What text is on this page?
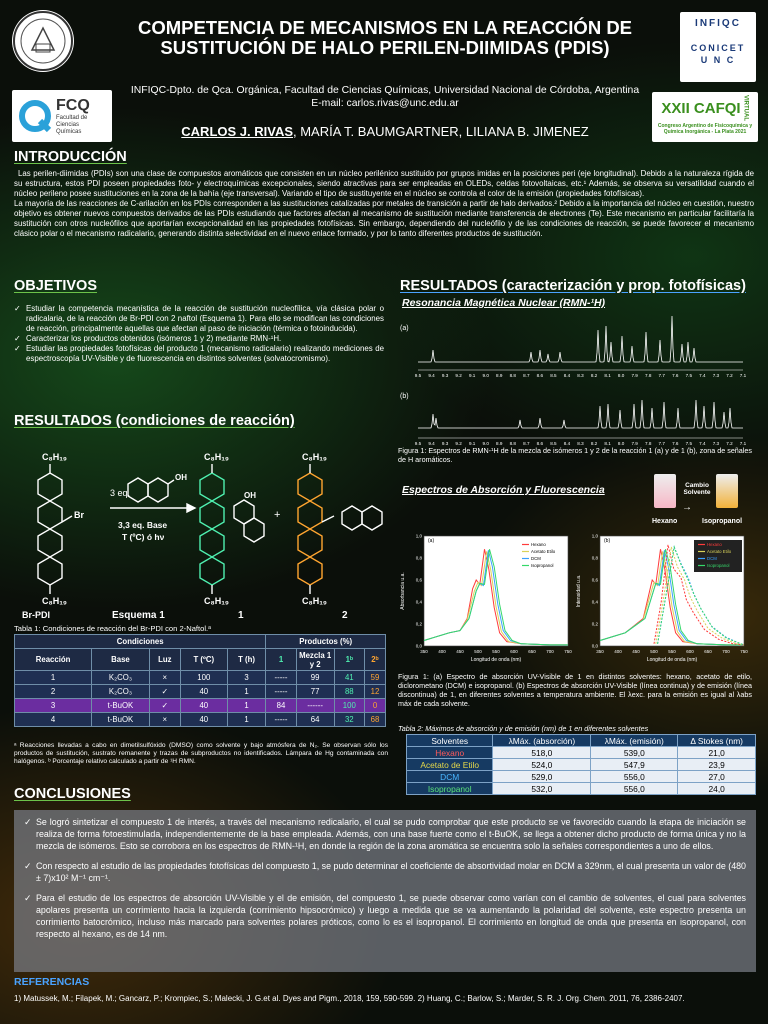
COMPETENCIA DE MECANISMOS EN LA REACCIÓN DE SUSTITUCIÓN DE HALO PERILEN-DIIMIDAS (PDIS)
INFIQC-Dpto. de Qca. Orgánica, Facultad de Ciencias Químicas, Universidad Nacional de Córdoba, Argentina
E-mail: carlos.rivas@unc.edu.ar
CARLOS J. RIVAS, MARÍA T. BAUMGARTNER, LILIANA B. JIMENEZ
FCQ
Facultad de Ciencias Químicas
INFIQC
CONICET
U N C
XXII CAFQI VIRTUAL
Congreso Argentino de Fisicoquímica y Química Inorgánica - La Plata 2021
INTRODUCCIÓN

Las perilen-diimidas (PDIs) son una clase de compuestos aromáticos que consisten en un núcleo perilénico sustituido por grupos imidas en la posiciones peri (eje longitudinal). Debido a la naturaleza rígida de su estructura, estos PDI poseen propiedades foto- y electroquímicas excepcionales, siendo atractivas para ser empleadas en OLEDs, celdas fotovoltaicas, etc.¹ Además, se observa su versatilidad cuando el núcleo perileno posee sustituciones en la zona de la bahía (eje transversal). Variando el tipo de sustituyente en el núcleo se controla el color de la emisión (propiedades fotofísicas).

La mayoría de las reacciones de C-arilación en los PDIs corresponden a las sustituciones catalizadas por metales de transición a partir de halo derivados.² Debido a la importancia del núcleo en cuestión, nuestro objetivo es obtener nuevos compuestos derivados de las PDIs estudiando que factores afectan al mecanismo de sustitución mediante transferencia de electrones (Te). Este mecanismo en particular facilitaría la sustitución con otros nucleófilos que aportarían excepcionalidad en las propiedades fotofísicas. Sin embargo, dependiendo del nucleófilo y de las condiciones de reacción, se puede favorecer el mecanismo clásico polar o el mecanismo radicalario, generando distinta selectividad en el nuevo enlace formado, y por lo tanto diferentes productos de sustitución.

OBJETIVOS
✓ Estudiar la competencia mecanística de la reacción de sustitución nucleofílica, vía clásica polar o radicalaria, de la reacción de Br-PDI con 2 naftol (Esquema 1). Para ello se modifican las condiciones de reacción, principalmente aquellas que afectan al paso de iniciación (térmica o fotoinducida).
✓ Caracterizar los productos obtenidos (isómeros 1 y 2) mediante RMN-¹H.
✓ Estudiar las propiedades fotofísicas del producto 1 (mecanismo radicalario) realizando mediciones de espectroscopía UV-Visible y de fluorescencia en distintos solventes (solvatocromismo).
RESULTADOS (condiciones de reacción)
C₈H₁₉
C₈H₁₉
Br
3 eq.
OH
3,3 eq. Base
T (ºC) ó hν
C₈H₁₉
C₈H₁₉
OH
+
C₈H₁₉
C₈H₁₉
Br-PDI	Esquema 1	1	2
Tabla 1: Condiciones de reacción del Br-PDI con 2-Naftol.ᵃ
Condiciones					Productos (%)			
Reacción	Base	Luz	T (ºC)	T (h)	1	Mezcla 1 y 2	1ᵇ	2ᵇ
1	K₂CO₃	×	100	3	-----	99	41	59
2	K₂CO₃	✓	40	1	-----	77	88	12
3	t-BuOK	✓	40	1	84	------	100	0
4	t-BuOK	×	40	1	-----	64	32	68
ᵃ Reacciones llevadas a cabo en dimetilsulfóxido (DMSO) como solvente y bajo atmósfera de N₂. Se observan sólo los productos de sustitución, sustrato remanente y trazas de subproductos no identificados. Lámpara de Hg contaminada con halógenos. ᵇ Porcentaje relativo calculado a partir de ¹H RMN.
RESULTADOS (caracterización y prop. fotofísicas)
Resonancia Magnética Nuclear (RMN-¹H)
9.5 9.4 9.3 9.2 9.1 9.0 8.9 8.8 8.7 8.6 8.5 8.4 8.3 8.2 8.1 8.0 7.9 7.8 7.7 7.6 7.5 7.4 7.3 7.2 7.1
9.5 9.4 9.3 9.2 9.1 9.0 8.9 8.8 8.7 8.6 8.5 8.4 8.3 8.2 8.1 8.0 7.9 7.8 7.7 7.6 7.5 7.4 7.3 7.2 7.1
(a)
(b)
Figura 1: Espectros de RMN-¹H de la mezcla de isómeros 1 y 2 de la reacción 1 (a) y de 1 (b), zona de señales de H aromáticos.
Espectros de Absorción y Fluorescencia	Cambio Solvente
→
Hexano	Isopropanol
350 400 450 500 550 600 650 700 750
0,0
0,2
0,4
0,6
0,8
1,0
Hexano
Acetato Etilo
DCM
Isopropanol
(a)
Longitud de onda (nm)
Absorbancia u.a.
350 400 450 500 550 600 650 700 750
0,0
0,2
0,4
0,6
0,8
1,0
Hexano
Acetato Etilo
DCM
Isopropanol
(b)
Longitud de onda (nm)
Intensidad u.a.
Figura 1: (a) Espectro de absorción UV-Visible de 1 en distintos solventes: hexano, acetato de etilo, diclorometano (DCM) e isopropanol. (b) Espectros de absorción UV-Visible (línea continua) y de emisión (línea discontinua) de 1, en diferentes solventes a temperatura ambiente. El λexc. para la emisión es igual al λabs máx de cada solvente.
Tabla 2: Máximos de absorción y de emisión (nm) de 1 en diferentes solventes
Solventes	λMáx. (absorción)	λMáx. (emisión)	Δ Stokes (nm)
Hexano	518,0	539,0	21,0
Acetato de Etilo	524,0	547,9	23,9
DCM	529,0	556,0	27,0
Isopropanol	532,0	556,0	24,0
CONCLUSIONES
✓ Se logró sintetizar el compuesto 1 de interés, a través del mecanismo redicalario, el cual se pudo comprobar que este producto se ve favorecido cuando la etapa de iniciación se realiza de forma fotoestimulada, independientemente de la base empleada. Además, con una base fuerte como el t-BuOK, se llega a obtener dicho producto de forma única y no la mezcla de isómeros. Esto se corrobora en los espectros de RMN-¹H, en donde la región de la zona aromática se encuentra solo la señales correspondientes a uno de ellos.
✓ Con respecto al estudio de las propiedades fotofísicas del compuesto 1, se pudo determinar el coeficiente de absortividad molar en DCM a 329nm, el cual presenta un valor de (480 ± 7)x10² M⁻¹ cm⁻¹.
✓ Para el estudio de los espectros de absorción UV-Visible y el de emisión, del compuesto 1, se puede observar como varían con el cambio de solventes, el cual para solventes apolares presenta un corrimiento hacia la izquierda (corrimiento hipsocrómico) y luego a medida que se va aumentando la polaridad del solvente, este espectro presenta un corrimiento batocrómico, incluso más marcado para solventes polares próticos, como lo es el isopropanol. El corrimiento en longitud de onda que presenta en isopropanol, con respecto al hexano, es de 14 nm.
REFERENCIAS
1) Matussek, M.; Filapek, M.; Gancarz, P.; Krompiec, S.; Malecki, J. G.et al. Dyes and Pigm., 2018, 159, 590-599. 2) Huang, C.; Barlow, S.; Marder, S. R. J. Org. Chem. 2011, 76, 2386-2407.
